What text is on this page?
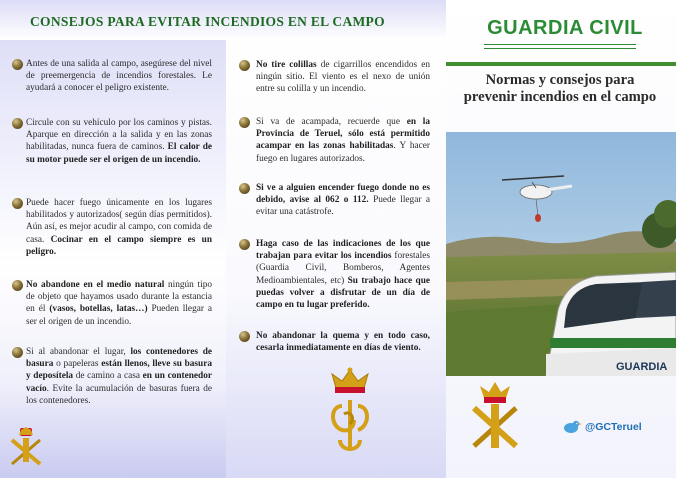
CONSEJOS PARA EVITAR INCENDIOS EN EL CAMPO
Antes de una salida al campo, asegúrese del nivel de preemergencia de incendios forestales. Le ayudará a conocer el peligro existente.
Circule con su vehículo por los caminos y pistas. Aparque en dirección a la salida y en las zonas habilitadas, nunca fuera de caminos. El calor de su motor puede ser el origen de un incendio.
Puede hacer fuego únicamente en los lugares habilitados y autorizados( según días permitidos). Aún así, es mejor acudir al campo, con comida de casa. Cocinar en el campo siempre es un peligro.
No abandone en el medio natural ningún tipo de objeto que hayamos usado durante la estancia en él (vasos, botellas, latas…) Pueden llegar a ser el origen de un incendio.
Si al abandonar el lugar, los contenedores de basura o papeleras están llenos, lleve su basura y deposítela de camino a casa en un contenedor vacío. Evite la acumulación de basuras fuera de los contenedores.
No tire colillas de cigarrillos encendidos en ningún sitio. El viento es el nexo de unión entre su colilla y un incendio.
Si va de acampada, recuerde que en la Provincia de Teruel, sólo está permitido acampar en las zonas habilitadas. Y hacer fuego en lugares autorizados.
Si ve a alguien encender fuego donde no es debido, avise al 062 o 112. Puede llegar a evitar una catástrofe.
Haga caso de las indicaciones de los que trabajan para evitar los incendios forestales (Guardia Civil, Bomberos, Agentes Medioambientales, etc) Su trabajo hace que puedas volver a disfrutar de un día de campo en tu lugar preferido.
No abandonar la quema y en todo caso, cesarla inmediatamente en días de viento.
GUARDIA CIVIL
Normas y consejos para prevenir incendios en el campo
GUARDIA
@GCTeruel
